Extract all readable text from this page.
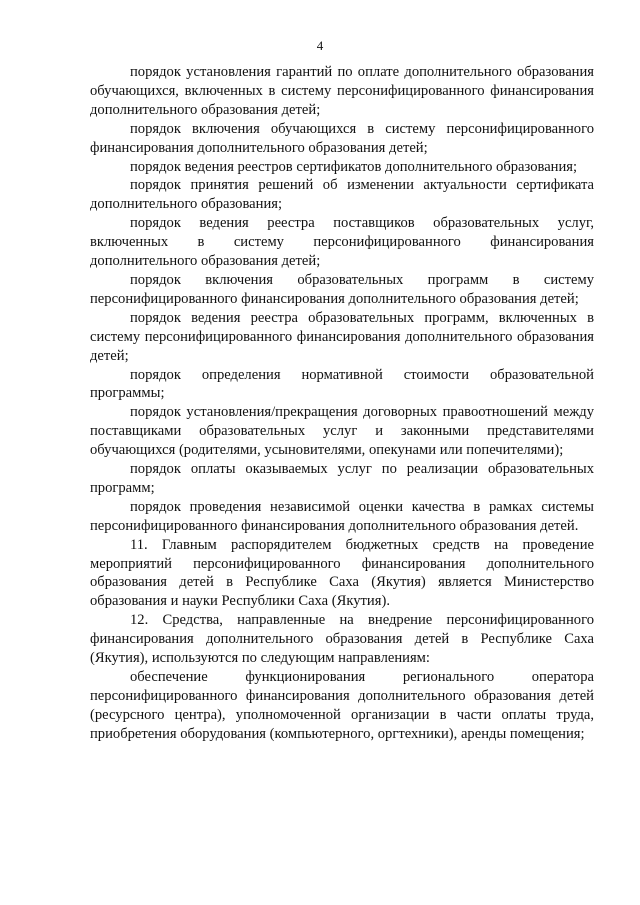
4

порядок установления гарантий по оплате дополнительного образования обучающихся, включенных в систему персонифицированного финансирования дополнительного образования детей;

порядок включения обучающихся в систему персонифицированного финансирования дополнительного образования детей;

порядок ведения реестров сертификатов дополнительного образования;

порядок принятия решений об изменении актуальности сертификата дополнительного образования;

порядок ведения реестра поставщиков образовательных услуг, включенных в систему персонифицированного финансирования дополнительного образования детей;

порядок включения образовательных программ в систему персонифицированного финансирования дополнительного образования детей;

порядок ведения реестра образовательных программ, включенных в систему персонифицированного финансирования дополнительного образования детей;

порядок определения нормативной стоимости образовательной программы;

порядок установления/прекращения договорных правоотношений между поставщиками образовательных услуг и законными представителями обучающихся (родителями, усыновителями, опекунами или попечителями);

порядок оплаты оказываемых услуг по реализации образовательных программ;

порядок проведения независимой оценки качества в рамках системы персонифицированного финансирования дополнительного образования детей.

11. Главным распорядителем бюджетных средств на проведение мероприятий персонифицированного финансирования дополнительного образования детей в Республике Саха (Якутия) является Министерство образования и науки Республики Саха (Якутия).

12. Средства, направленные на внедрение персонифицированного финансирования дополнительного образования детей в Республике Саха (Якутия), используются по следующим направлениям:

обеспечение функционирования регионального оператора персонифицированного финансирования дополнительного образования детей (ресурсного центра), уполномоченной организации в части оплаты труда, приобретения оборудования (компьютерного, оргтехники), аренды помещения;
